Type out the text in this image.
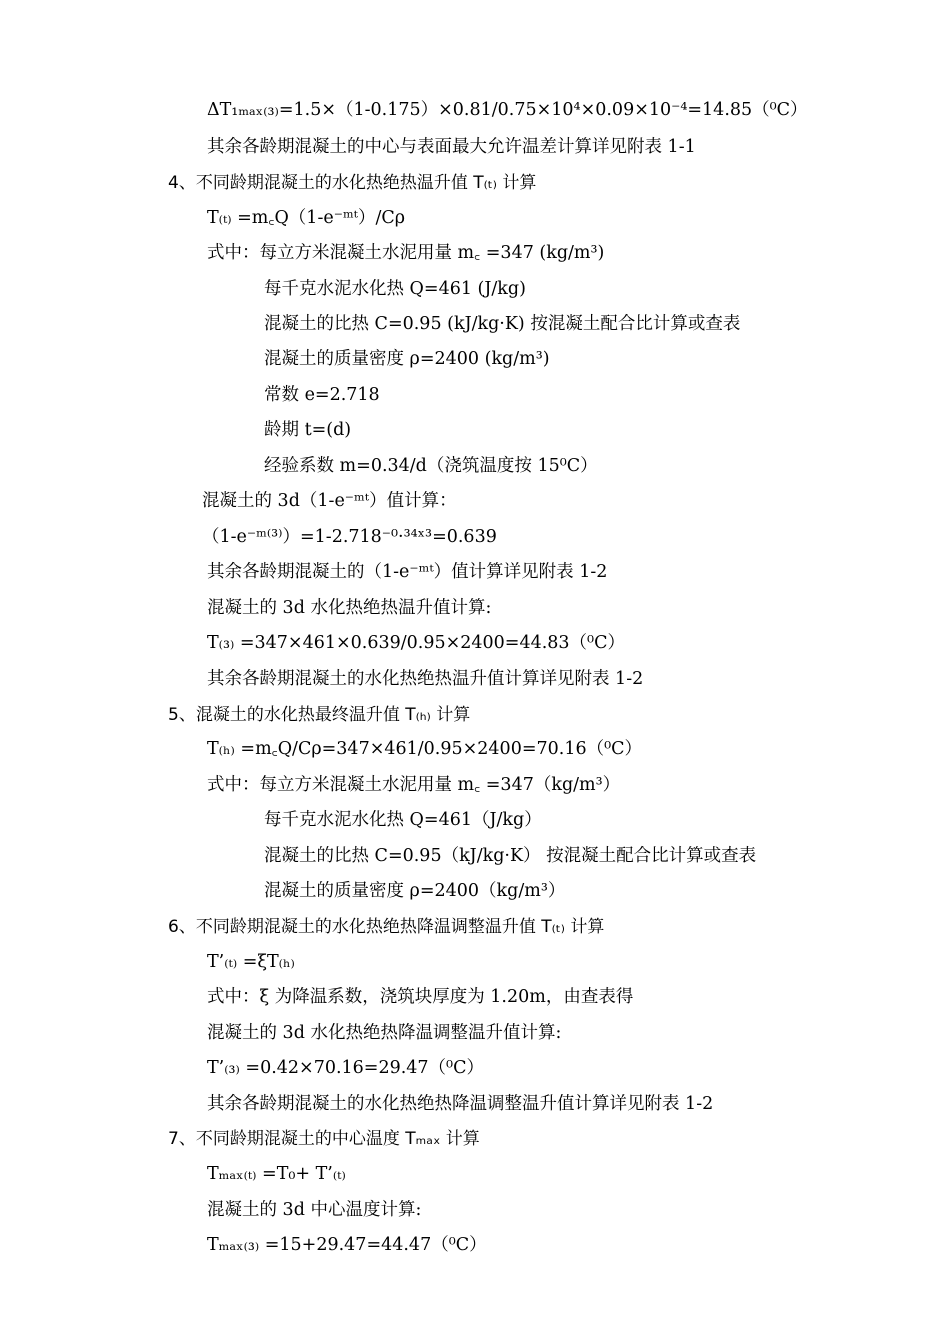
ΔT₁ₘₐₓ₍₃₎=1.5×（1-0.175）×0.81/0.75×10⁴×0.09×10⁻⁴=14.85（⁰C）
其余各龄期混凝土的中心与表面最大允许温差计算详见附表 1-1
4、不同龄期混凝土的水化热绝热温升值 T₍ₜ₎ 计算
T₍ₜ₎ =m꜀Q（1-e⁻ᵐᵗ）/Cρ
式中：每立方米混凝土水泥用量 m꜀ =347 (kg/m³)
每千克水泥水化热 Q=461 (J/kg)
混凝土的比热 C=0.95 (kJ/kg·K) 按混凝土配合比计算或查表
混凝土的质量密度 ρ=2400 (kg/m³)
常数 e=2.718
龄期 t=(d)
经验系数 m=0.34/d（浇筑温度按 15⁰C）
混凝土的 3d（1-e⁻ᵐᵗ）值计算：
（1-e⁻ᵐ⁽³⁾）=1-2.718⁻⁰·³⁴ˣ³=0.639
其余各龄期混凝土的（1-e⁻ᵐᵗ）值计算详见附表 1-2
混凝土的 3d 水化热绝热温升值计算:
T₍₃₎ =347×461×0.639/0.95×2400=44.83（⁰C）
其余各龄期混凝土的水化热绝热温升值计算详见附表 1-2
5、混凝土的水化热最终温升值 T₍ₕ₎ 计算
T₍ₕ₎ =m꜀Q/Cρ=347×461/0.95×2400=70.16（⁰C）
式中：每立方米混凝土水泥用量 m꜀ =347（kg/m³）
每千克水泥水化热 Q=461（J/kg）
混凝土的比热 C=0.95（kJ/kg·K） 按混凝土配合比计算或查表
混凝土的质量密度 ρ=2400（kg/m³）
6、不同龄期混凝土的水化热绝热降温调整温升值 T₍ₜ₎ 计算
T’₍ₜ₎ =ξT₍ₕ₎
式中：ξ 为降温系数，浇筑块厚度为 1.20m，由查表得
混凝土的 3d 水化热绝热降温调整温升值计算:
T’₍₃₎ =0.42×70.16=29.47（⁰C）
其余各龄期混凝土的水化热绝热降温调整温升值计算详见附表 1-2
7、不同龄期混凝土的中心温度 Tₘₐₓ 计算
Tₘₐₓ₍ₜ₎ =T₀+ T’₍ₜ₎
混凝土的 3d 中心温度计算:
Tₘₐₓ₍₃₎ =15+29.47=44.47（⁰C）
